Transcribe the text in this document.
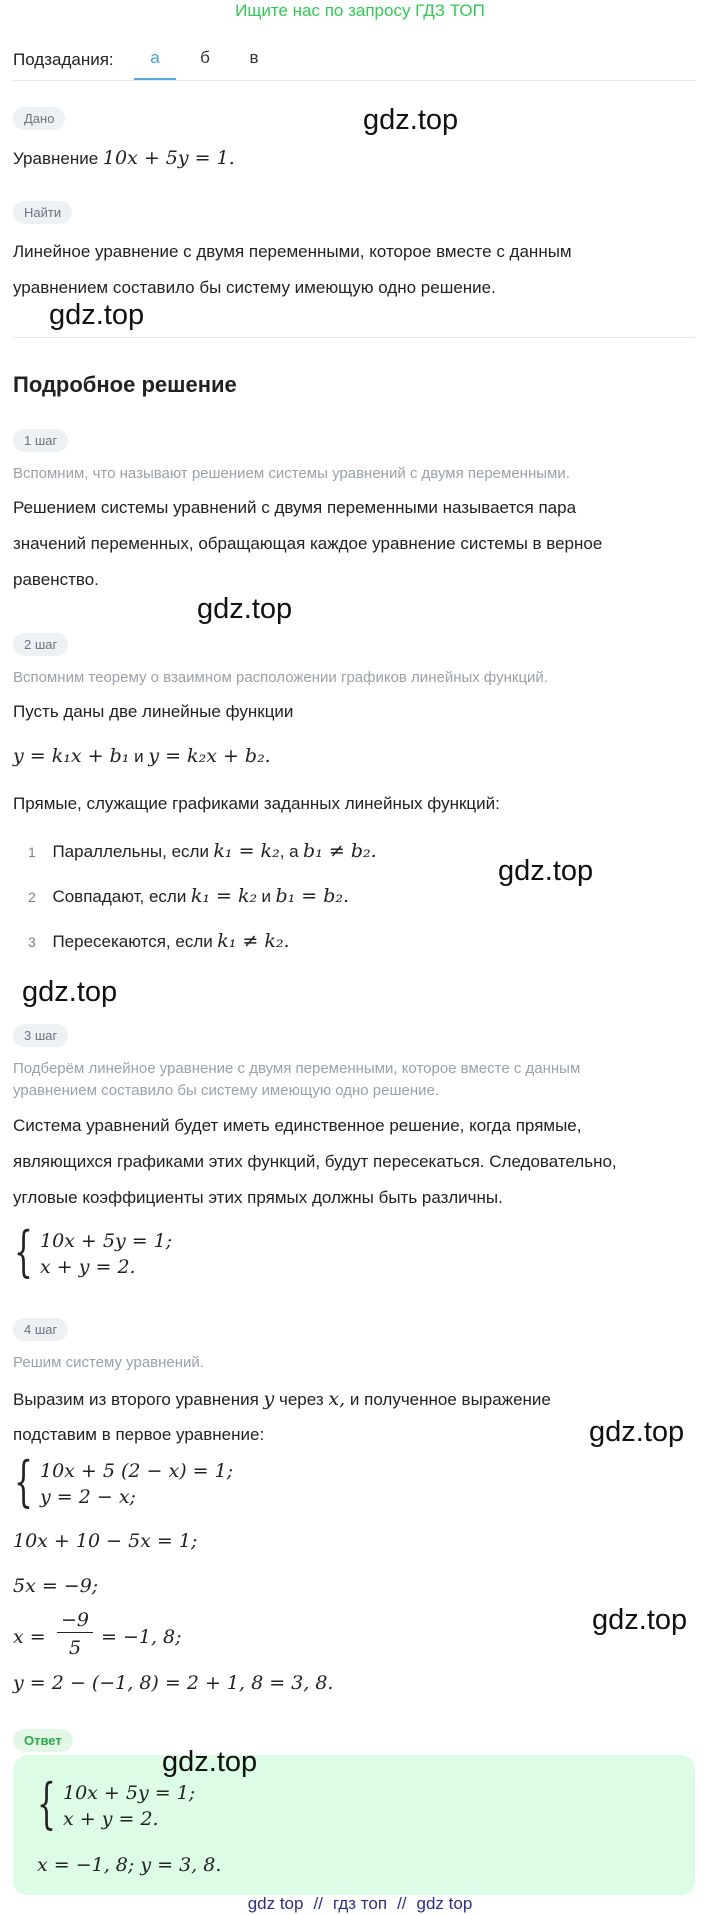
Ищите нас по запросу ГДЗ ТОП
Подзадания:	а	б	в
Дано	gdz.top
Уравнение 10x + 5y = 1.
Найти
Линейное уравнение с двумя переменными, которое вместе с данным
уравнением составило бы систему имеющую одно решение.
gdz.top
Подробное решение
1 шаг
Вспомним, что называют решением системы уравнений с двумя переменными.
Решением системы уравнений с двумя переменными называется пара
значений переменных, обращающая каждое уравнение системы в верное
равенство.
gdz.top
2 шаг
Вспомним теорему о взаимном расположении графиков линейных функций.
Пусть даны две линейные функции
y = k₁x + b₁ и y = k₂x + b₂.
Прямые, служащие графиками заданных линейных функций:
1 Параллельны, если k₁ = k₂, а b₁ ≠ b₂.
2 Совпадают, если k₁ = k₂ и b₁ = b₂.
3 Пересекаются, если k₁ ≠ k₂.
gdz.top
gdz.top
3 шаг
Подберём линейное уравнение с двумя переменными, которое вместе с данным
уравнением составило бы систему имеющую одно решение.
Система уравнений будет иметь единственное решение, когда прямые,
являющихся графиками этих функций, будут пересекаться. Следовательно,
угловые коэффициенты этих прямых должны быть различны.
{ 10x + 5y = 1;
x + y = 2.
4 шаг
Решим систему уравнений.
Выразим из второго уравнения y через x, и полученное выражение
подставим в первое уравнение:	gdz.top
{ 10x + 5 (2 − x) = 1;
y = 2 − x;
10x + 10 − 5x = 1;
5x = −9;
x =
−9
5	= −1, 8;
gdz.top
y = 2 − (−1, 8) = 2 + 1, 8 = 3, 8.
Ответ
gdz.top
{ 10x + 5y = 1;
x + y = 2.
x = −1, 8; y = 3, 8.
gdz top // гдз топ // gdz top
